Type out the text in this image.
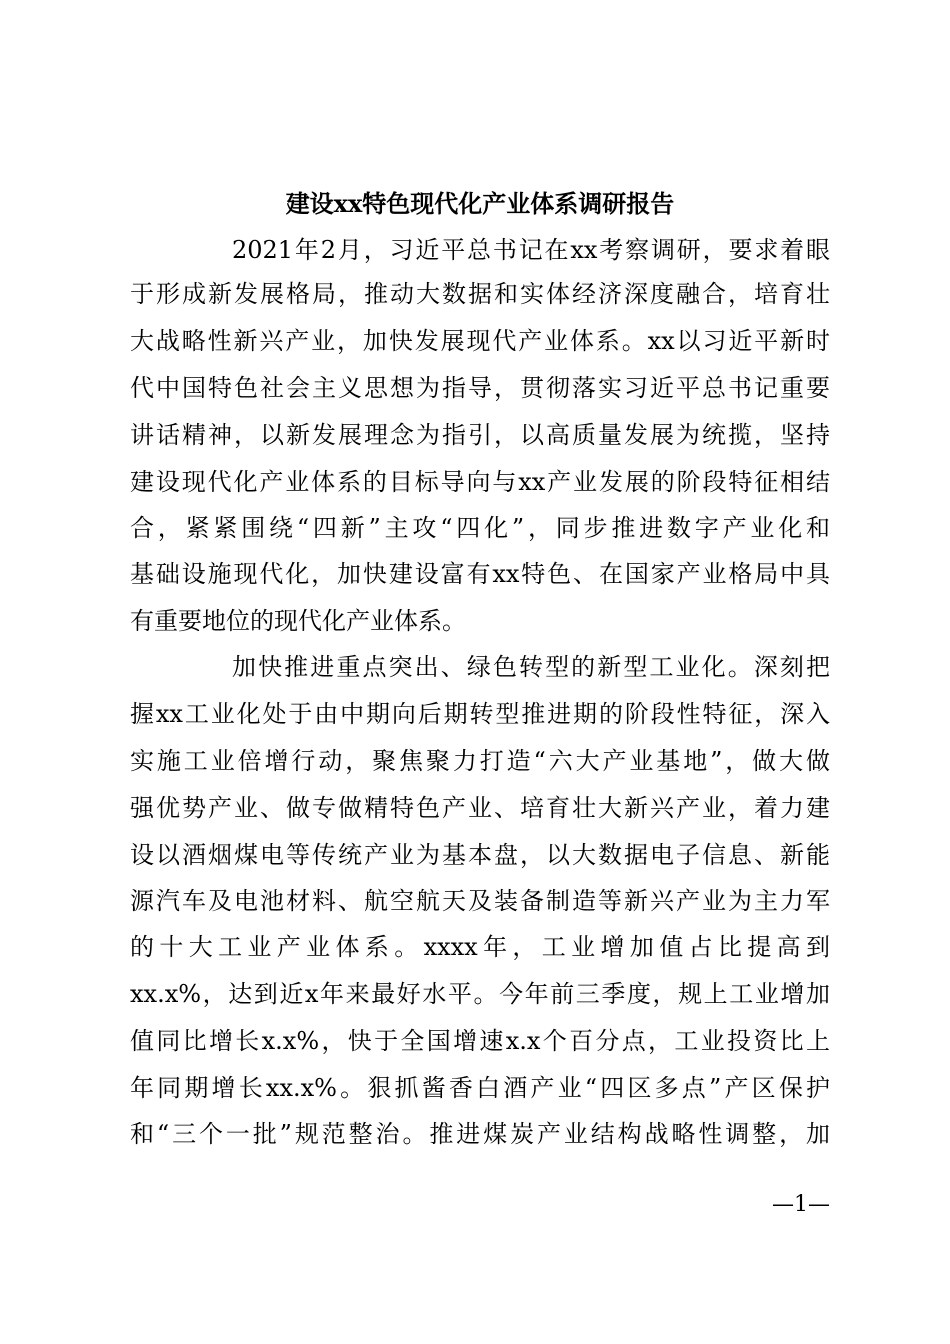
建设xx特色现代化产业体系调研报告
2021年2月，习近平总书记在xx考察调研，要求着眼
于形成新发展格局，推动大数据和实体经济深度融合，培育壮
大战略性新兴产业，加快发展现代产业体系。xx以习近平新时
代中国特色社会主义思想为指导，贯彻落实习近平总书记重要
讲话精神，以新发展理念为指引，以高质量发展为统揽，坚持
建设现代化产业体系的目标导向与xx产业发展的阶段特征相结
合，紧紧围绕“四新”主攻“四化”，同步推进数字产业化和
基础设施现代化，加快建设富有xx特色、在国家产业格局中具
有重要地位的现代化产业体系。
加快推进重点突出、绿色转型的新型工业化。深刻把
握xx工业化处于由中期向后期转型推进期的阶段性特征，深入
实施工业倍增行动，聚焦聚力打造“六大产业基地”，做大做
强优势产业、做专做精特色产业、培育壮大新兴产业，着力建
设以酒烟煤电等传统产业为基本盘，以大数据电子信息、新能
源汽车及电池材料、航空航天及装备制造等新兴产业为主力军
的十大工业产业体系。xxxx年，工业增加值占比提高到
xx.x%，达到近x年来最好水平。今年前三季度，规上工业增加
值同比增长x.x%，快于全国增速x.x个百分点，工业投资比上
年同期增长xx.x%。狠抓酱香白酒产业“四区多点”产区保护
和“三个一批”规范整治。推进煤炭产业结构战略性调整，加
—1—
